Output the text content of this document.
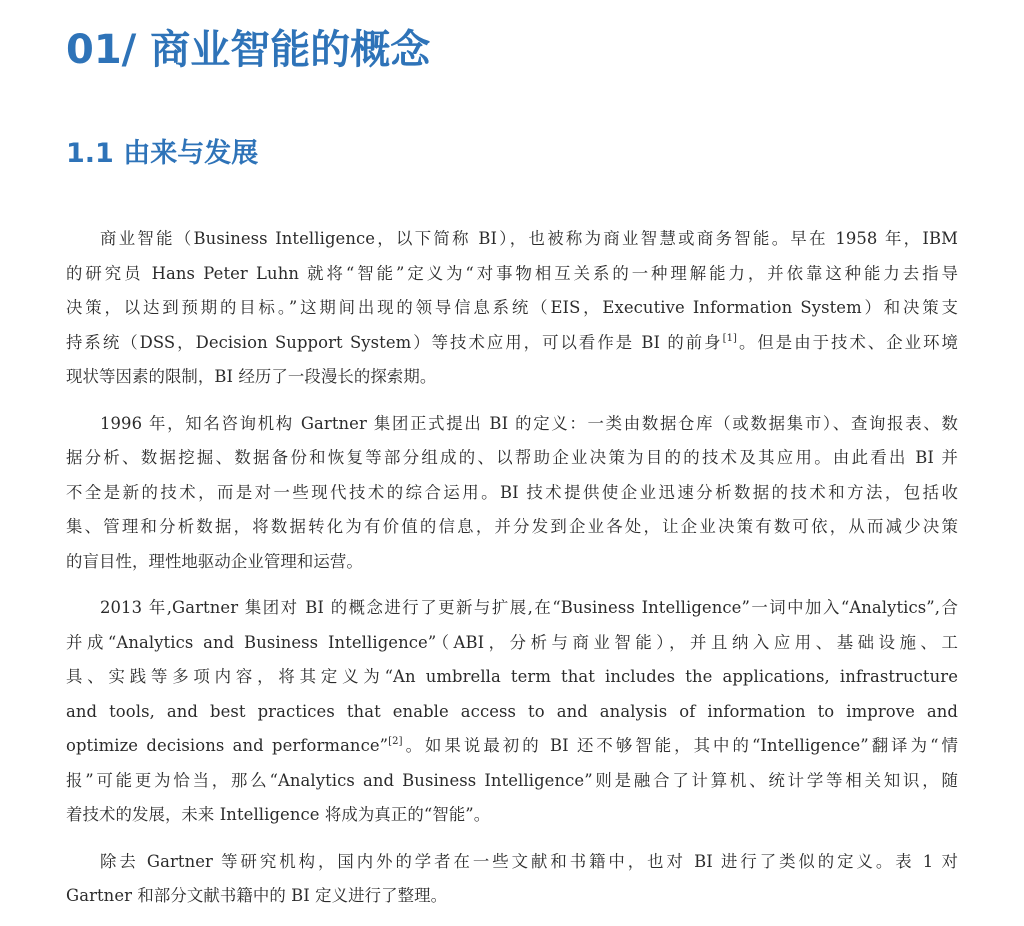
01/ 商业智能的概念
1.1 由来与发展
商业智能（Business Intelligence，以下简称 BI），也被称为商业智慧或商务智能。早在 1958 年，IBM
的研究员 Hans Peter Luhn 就将“智能”定义为“对事物相互关系的一种理解能力，并依靠这种能力去指导
决策，以达到预期的目标。”这期间出现的领导信息系统（EIS，Executive Information System）和决策支
持系统（DSS，Decision Support System）等技术应用，可以看作是 BI 的前身[1]。但是由于技术、企业环境
现状等因素的限制，BI 经历了一段漫长的探索期。
1996 年，知名咨询机构 Gartner 集团正式提出 BI 的定义：一类由数据仓库（或数据集市）、查询报表、数
据分析、数据挖掘、数据备份和恢复等部分组成的、以帮助企业决策为目的的技术及其应用。由此看出 BI 并
不全是新的技术，而是对一些现代技术的综合运用。BI 技术提供使企业迅速分析数据的技术和方法，包括收
集、管理和分析数据，将数据转化为有价值的信息，并分发到企业各处，让企业决策有数可依，从而减少决策
的盲目性，理性地驱动企业管理和运营。
2013 年,Gartner 集团对 BI 的概念进行了更新与扩展,在“Business Intelligence”一词中加入“Analytics”,合
并成“Analytics and Business Intelligence”（ABI，分析与商业智能），并且纳入应用、基础设施、工
具、实践等多项内容，将其定义为“An umbrella term that includes the applications, infrastructure
and tools, and best practices that enable access to and analysis of information to improve and
optimize decisions and performance”[2]。如果说最初的 BI 还不够智能，其中的“Intelligence”翻译为“情
报”可能更为恰当，那么“Analytics and Business Intelligence”则是融合了计算机、统计学等相关知识，随
着技术的发展，未来 Intelligence 将成为真正的“智能”。
除去 Gartner 等研究机构，国内外的学者在一些文献和书籍中，也对 BI 进行了类似的定义。表 1 对
Gartner 和部分文献书籍中的 BI 定义进行了整理。
